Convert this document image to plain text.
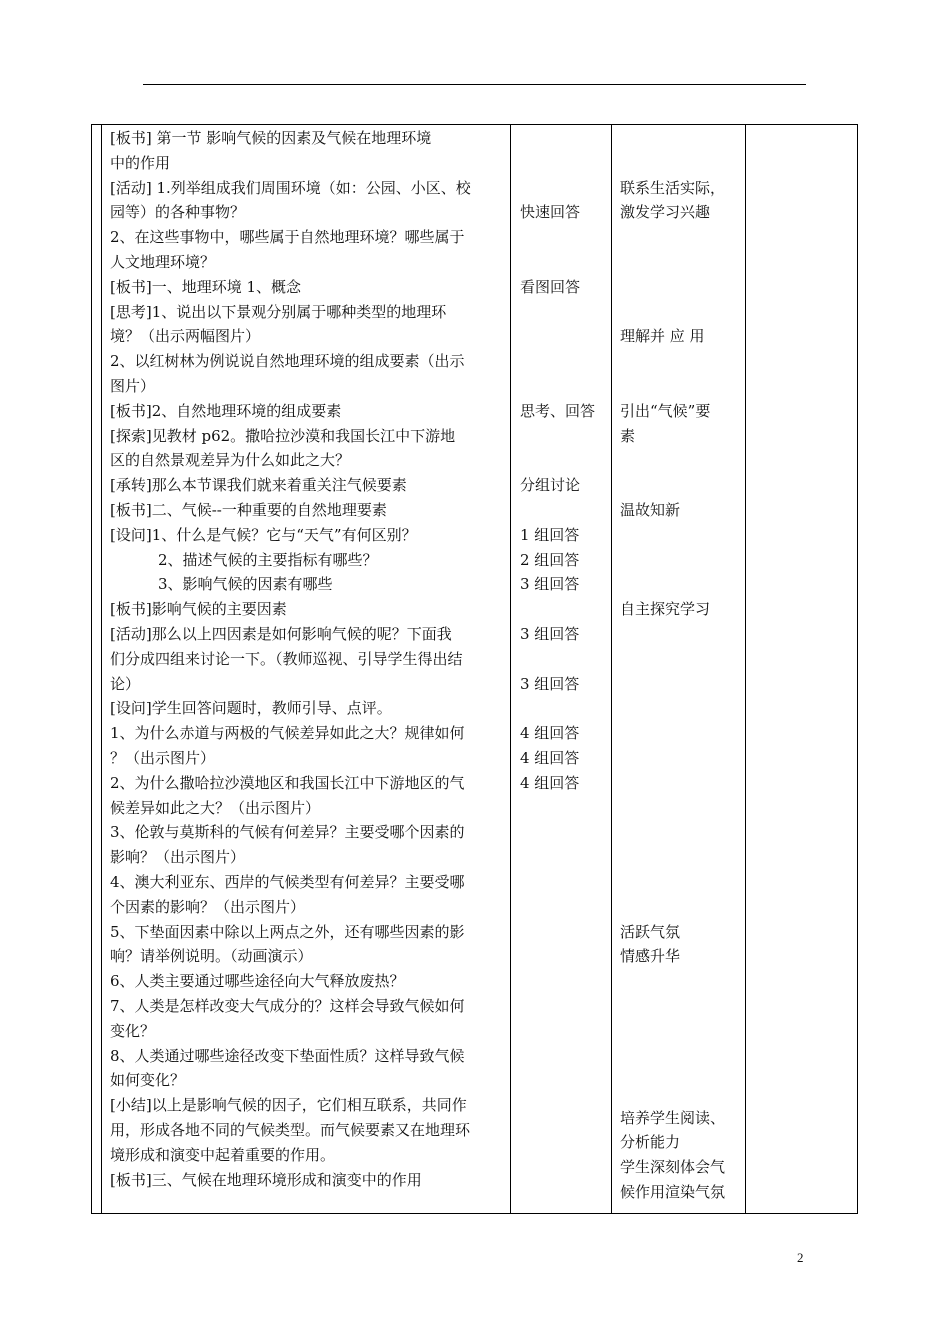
[板书] 第一节 影响气候的因素及气候在地理环境
中的作用
[活动] 1.列举组成我们周围环境（如：公园、小区、校
园等）的各种事物？
2、在这些事物中，哪些属于自然地理环境？哪些属于
人文地理环境？
[板书]一、地理环境 1、概念
[思考]1、说出以下景观分别属于哪种类型的地理环
境？（出示两幅图片）
2、以红树林为例说说自然地理环境的组成要素（出示
图片）
[板书]2、自然地理环境的组成要素
[探索]见教材 p62。撒哈拉沙漠和我国长江中下游地
区的自然景观差异为什么如此之大？
[承转]那么本节课我们就来着重关注气候要素
[板书]二、气候--一种重要的自然地理要素
[设问]1、什么是气候？它与“天气”有何区别？
2、描述气候的主要指标有哪些？
3、影响气候的因素有哪些
[板书]影响气候的主要因素
[活动]那么以上四因素是如何影响气候的呢？下面我
们分成四组来讨论一下。（教师巡视、引导学生得出结
论）
[设问]学生回答问题时，教师引导、点评。
1、为什么赤道与两极的气候差异如此之大？规律如何
？（出示图片）
2、为什么撒哈拉沙漠地区和我国长江中下游地区的气
候差异如此之大？（出示图片）
3、伦敦与莫斯科的气候有何差异？主要受哪个因素的
影响？（出示图片）
4、澳大利亚东、西岸的气候类型有何差异？主要受哪
个因素的影响？（出示图片）
5、下垫面因素中除以上两点之外，还有哪些因素的影
响？请举例说明。（动画演示）
6、人类主要通过哪些途径向大气释放废热？
7、人类是怎样改变大气成分的？这样会导致气候如何
变化？
8、人类通过哪些途径改变下垫面性质？这样导致气候
如何变化？
[小结]以上是影响气候的因子，它们相互联系，共同作
用，形成各地不同的气候类型。而气候要素又在地理环
境形成和演变中起着重要的作用。
[板书]三、气候在地理环境形成和演变中的作用
快速回答
看图回答
思考、回答
分组讨论
1 组回答
2 组回答
3 组回答
3 组回答
3 组回答
4 组回答
4 组回答
4 组回答
联系生活实际，
激发学习兴趣
理解并 应 用
引出“气候”要
素
温故知新
自主探究学习
活跃气氛
情感升华
培养学生阅读、
分析能力
学生深刻体会气
候作用渲染气氛
2
